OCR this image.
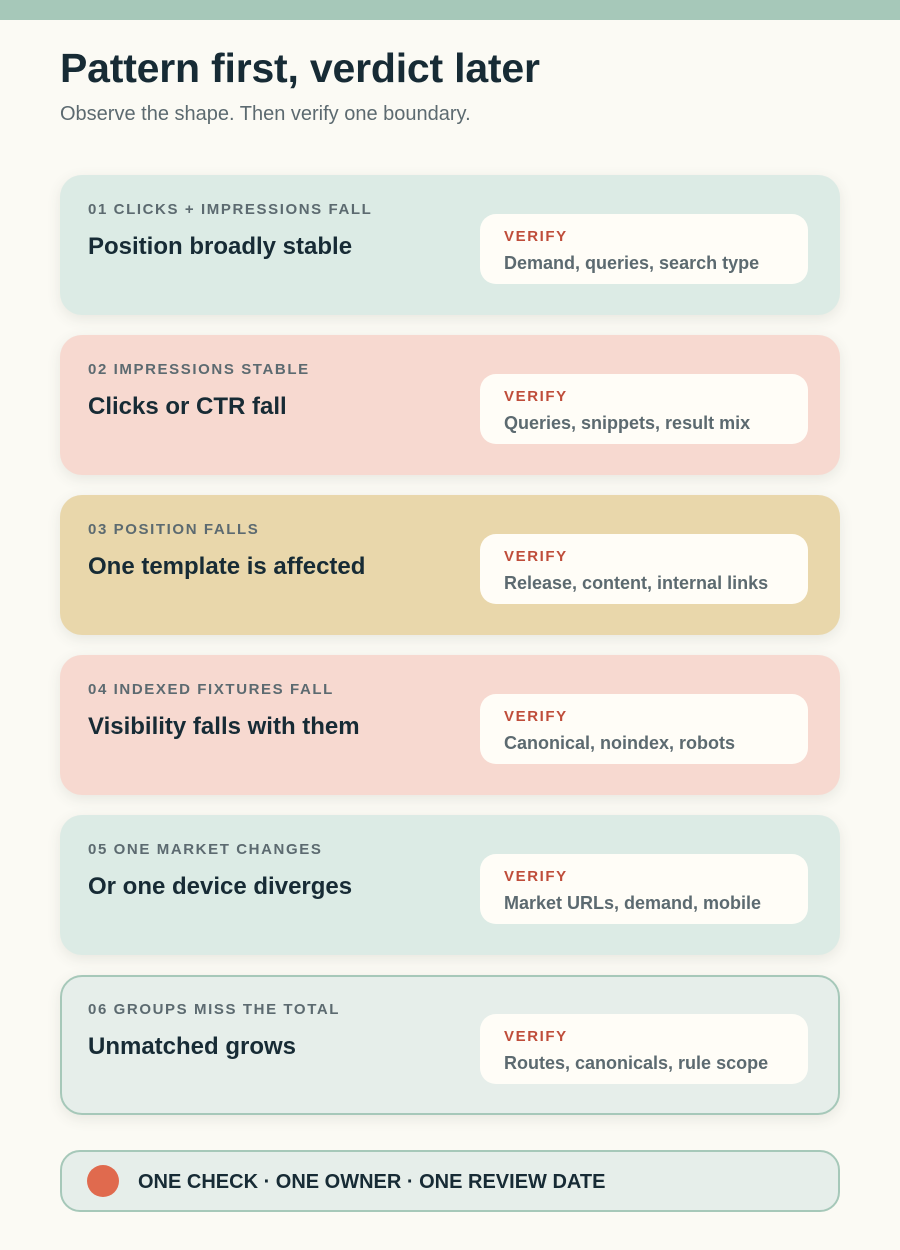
Pattern first, verdict later

Observe the shape. Then verify one boundary.

01 CLICKS + IMPRESSIONS FALL
Position broadly stable	VERIFY
Demand, queries, search type
02 IMPRESSIONS STABLE
Clicks or CTR fall	VERIFY
Queries, snippets, result mix
03 POSITION FALLS
One template is affected	VERIFY
Release, content, internal links
04 INDEXED FIXTURES FALL
Visibility falls with them	VERIFY
Canonical, noindex, robots
05 ONE MARKET CHANGES
Or one device diverges	VERIFY
Market URLs, demand, mobile
06 GROUPS MISS THE TOTAL
Unmatched grows	VERIFY
Routes, canonicals, rule scope
ONE CHECK · ONE OWNER · ONE REVIEW DATE
